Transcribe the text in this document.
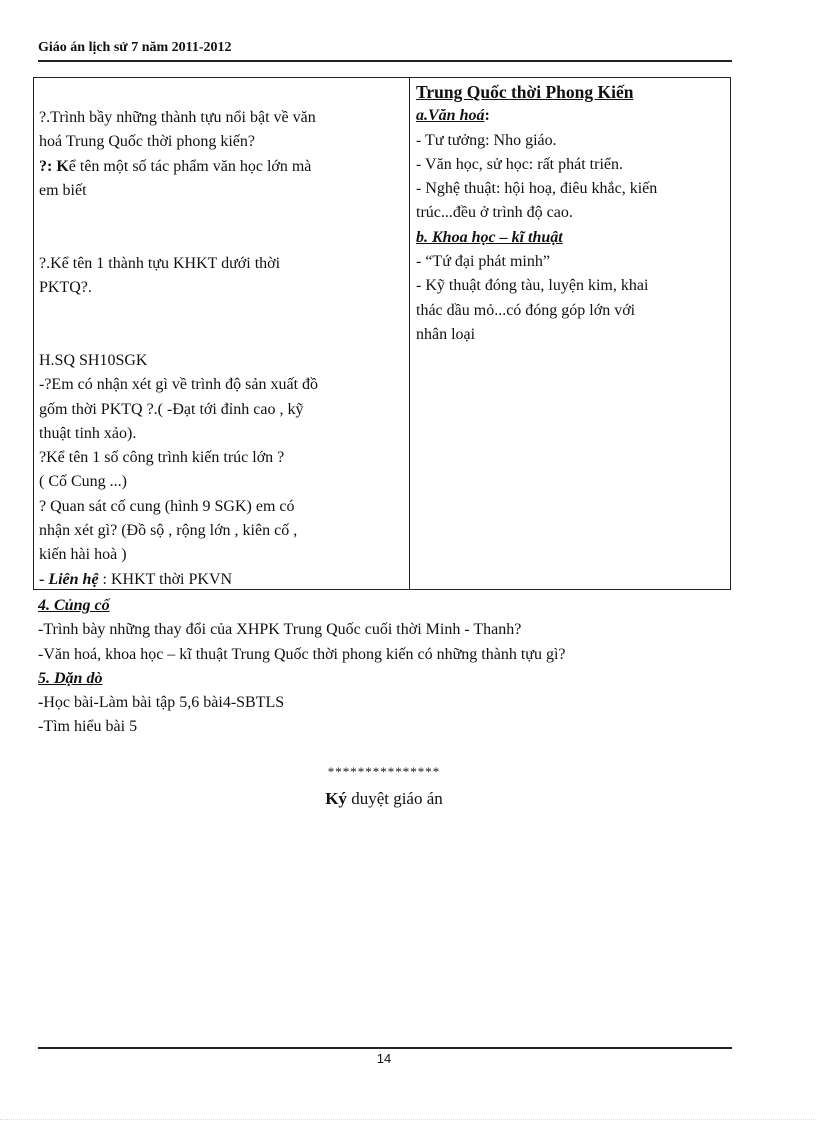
Giáo án lịch sử 7 năm 2011-2012
?.Trình bầy những thành tựu nổi bật về văn
hoá Trung Quốc thời phong kiến?
?: Kể tên một số tác phẩm văn học lớn mà
em biết
?.Kể tên 1 thành tựu KHKT dưới thời
PKTQ?.
H.SQ SH10SGK
-?Em có nhận xét gì về trình độ sản xuất đồ
gốm thời PKTQ ?.( -Đạt tới đỉnh cao , kỹ
thuật tinh xảo).
?Kể tên 1 số công trình kiến trúc lớn ?
( Cố Cung ...)
? Quan sát cố cung (hình 9 SGK) em có
nhận xét gì? (Đồ sộ , rộng lớn , kiên cố ,
kiến hài hoà )
- Liên hệ : KHKT thời PKVN
Trung Quốc thời Phong Kiến
a.Văn hoá:
- Tư tưởng: Nho giáo.
- Văn học, sử học: rất phát triển.
- Nghệ thuật: hội hoạ, điêu khắc, kiến
trúc...đều ở trình độ cao.
b. Khoa học – kĩ thuật
- “Tứ đại phát minh”
- Kỹ thuật đóng tàu, luyện kim, khai
thác dầu mỏ...có đóng góp lớn với
nhân loại
4. Củng cố
-Trình bày những thay đổi của XHPK Trung Quốc cuối thời Minh - Thanh?
-Văn hoá, khoa học – kĩ thuật Trung Quốc thời phong kiến có những thành tựu gì?
5. Dặn dò
-Học bài-Làm bài tập 5,6 bài4-SBTLS
-Tìm hiểu bài 5
***************
Ký duyệt giáo án
14
